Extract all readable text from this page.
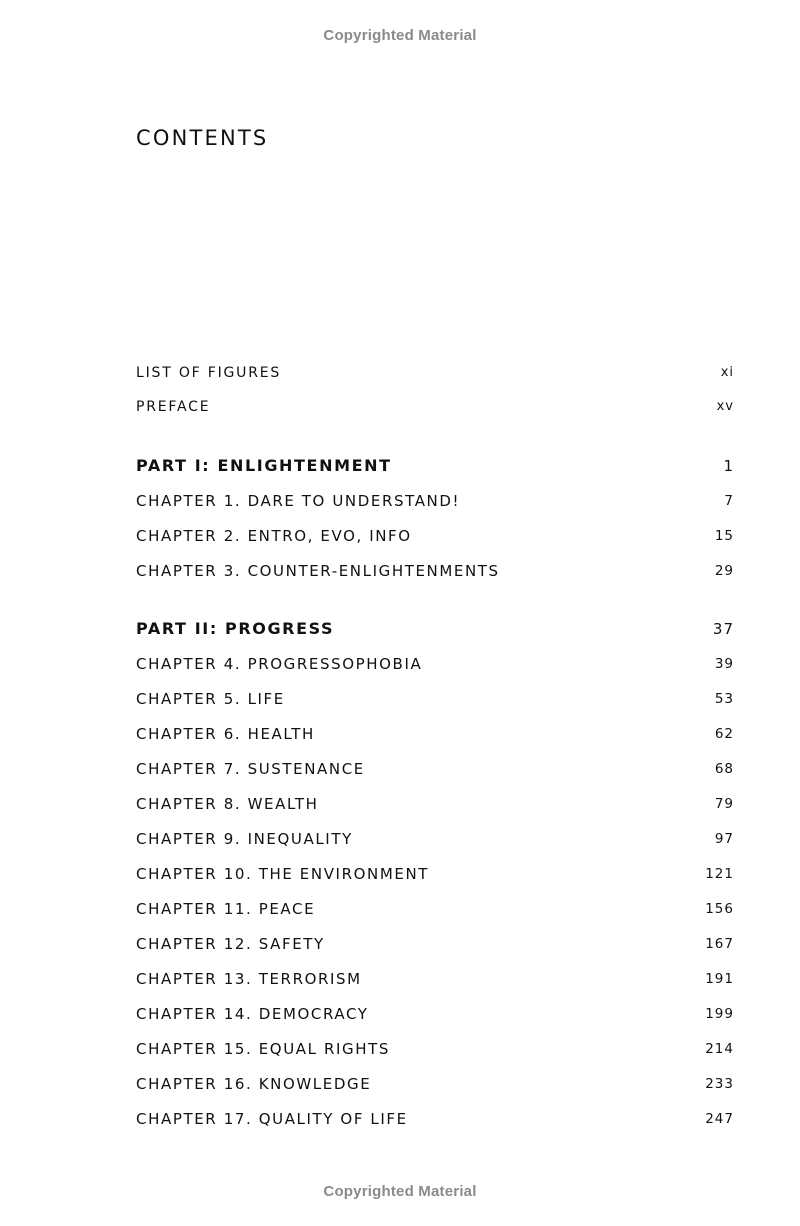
Copyrighted Material
CONTENTS
LIST OF FIGURES	xi
PREFACE	xv
PART I: ENLIGHTENMENT	1
CHAPTER 1. DARE TO UNDERSTAND!	7
CHAPTER 2. ENTRO, EVO, INFO	15
CHAPTER 3. COUNTER-ENLIGHTENMENTS	29
PART II: PROGRESS	37
CHAPTER 4. PROGRESSOPHOBIA	39
CHAPTER 5. LIFE	53
CHAPTER 6. HEALTH	62
CHAPTER 7. SUSTENANCE	68
CHAPTER 8. WEALTH	79
CHAPTER 9. INEQUALITY	97
CHAPTER 10. THE ENVIRONMENT	121
CHAPTER 11. PEACE	156
CHAPTER 12. SAFETY	167
CHAPTER 13. TERRORISM	191
CHAPTER 14. DEMOCRACY	199
CHAPTER 15. EQUAL RIGHTS	214
CHAPTER 16. KNOWLEDGE	233
CHAPTER 17. QUALITY OF LIFE	247
Copyrighted Material
